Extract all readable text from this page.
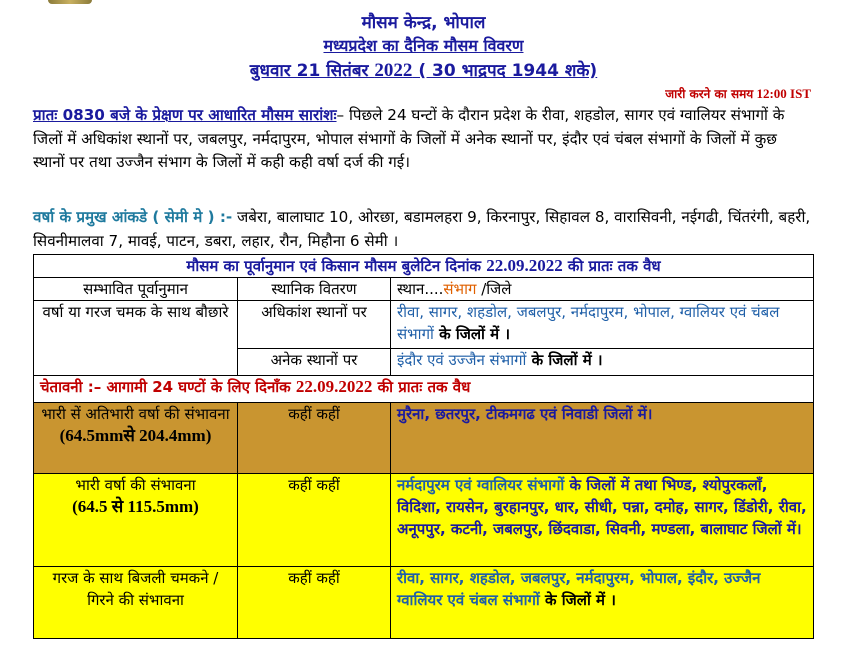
मौसम केन्द्र, भोपाल
मध्यप्रदेश का दैनिक मौसम विवरण
बुधवार 21 सितंबर 2022 ( 30 भाद्रपद 1944 शके)
जारी करने का समय 12:00 IST
प्रातः 0830 बजे के प्रेक्षण पर आधारित मौसम सारांशः– पिछले 24 घन्टों के दौरान प्रदेश के रीवा, शहडोल, सागर एवं ग्वालियर संभागों के जिलों में अधिकांश स्थानों पर, जबलपुर, नर्मदापुरम, भोपाल संभागों के जिलों में अनेक स्थानों पर, इंदौर एवं चंबल संभागों के जिलों में कुछ स्थानों पर तथा उज्जैन संभाग के जिलों में कही कही वर्षा दर्ज की गई।
वर्षा के प्रमुख आंकडे ( सेमी मे ) :- जबेरा, बालाघाट 10, ओरछा, बडामलहरा 9, किरनापुर, सिहावल 8, वारासिवनी, नईगढी, चिंतरंगी, बहरी, सिवनीमालवा 7, मावई, पाटन, डबरा, लहार, रौन, मिहौना 6 सेमी ।
मौसम का पूर्वानुमान एवं किसान मौसम बुलेटिन दिनांक 22.09.2022 की प्रातः तक वैध		
सम्भावित पूर्वानुमान	स्थानिक वितरण	स्थान....संभाग /जिले
वर्षा या गरज चमक के साथ बौछारे	अधिकांश स्थानों पर	रीवा, सागर, शहडोल, जबलपुर, नर्मदापुरम, भोपाल, ग्वालियर एवं चंबल संभागों के जिलों में ।
	अनेक स्थानों पर	इंदौर एवं उज्जैन संभागों के जिलों में ।
चेतावनी :– आगामी 24 घण्टों के लिए दिनाँक 22.09.2022 की प्रातः तक वैध		
भारी सें अतिभारी वर्षा की संभावना
(64.5mmसे 204.4mm)	कहीं कहीं	मुरैना, छतरपुर, टीकमगढ एवं निवाडी जिलों में।
भारी वर्षा की संभावना
(64.5 से 115.5mm)	कहीं कहीं	नर्मदापुरम एवं ग्वालियर संभागों के जिलों में तथा भिण्ड, श्योपुरकलॉं, विदिशा, रायसेन, बुरहानपुर, धार, सीधी, पन्ना, दमोह, सागर, डिंडोरी, रीवा, अनूपपुर, कटनी, जबलपुर, छिंदवाडा, सिवनी, मण्डला, बालाघाट जिलों में।
गरज के साथ बिजली चमकने / गिरने की संभावना	कहीं कहीं	रीवा, सागर, शहडोल, जबलपुर, नर्मदापुरम, भोपाल, इंदौर, उज्जैन ग्वालियर एवं चंबल संभागों के जिलों में ।
